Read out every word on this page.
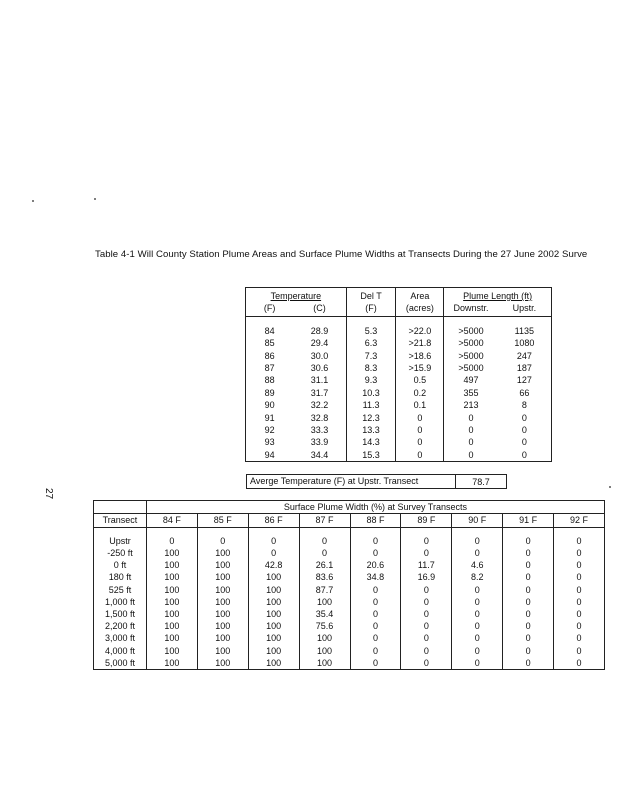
Table 4-1 Will County Station Plume Areas and Surface Plume Widths at Transects During the 27 June 2002 Surve
27
Temperature		Del T	Area	Plume Length (ft)	
(F)	(C)	(F)	(acres)	Downstr.	Upstr.

84	28.9	5.3	>22.0	>5000	1135
85	29.4	6.3	>21.8	>5000	1080
86	30.0	7.3	>18.6	>5000	247
87	30.6	8.3	>15.9	>5000	187
88	31.1	9.3	0.5	497	127
89	31.7	10.3	0.2	355	66
90	32.2	11.3	0.1	213	8
91	32.8	12.3	0	0	0
92	33.3	13.3	0	0	0
93	33.9	14.3	0	0	0
94	34.4	15.3	0	0	0
Averge Temperature (F) at Upstr. Transect	78.7
	Surface Plume Width (%) at Survey Transects								
Transect	84 F	85 F	86 F	87 F	88 F	89 F	90 F	91 F	92 F

Upstr	0	0	0	0	0	0	0	0	0
-250 ft	100	100	0	0	0	0	0	0	0
0 ft	100	100	42.8	26.1	20.6	11.7	4.6	0	0
180 ft	100	100	100	83.6	34.8	16.9	8.2	0	0
525 ft	100	100	100	87.7	0	0	0	0	0
1,000 ft	100	100	100	100	0	0	0	0	0
1,500 ft	100	100	100	35.4	0	0	0	0	0
2,200 ft	100	100	100	75.6	0	0	0	0	0
3,000 ft	100	100	100	100	0	0	0	0	0
4,000 ft	100	100	100	100	0	0	0	0	0
5,000 ft	100	100	100	100	0	0	0	0	0
